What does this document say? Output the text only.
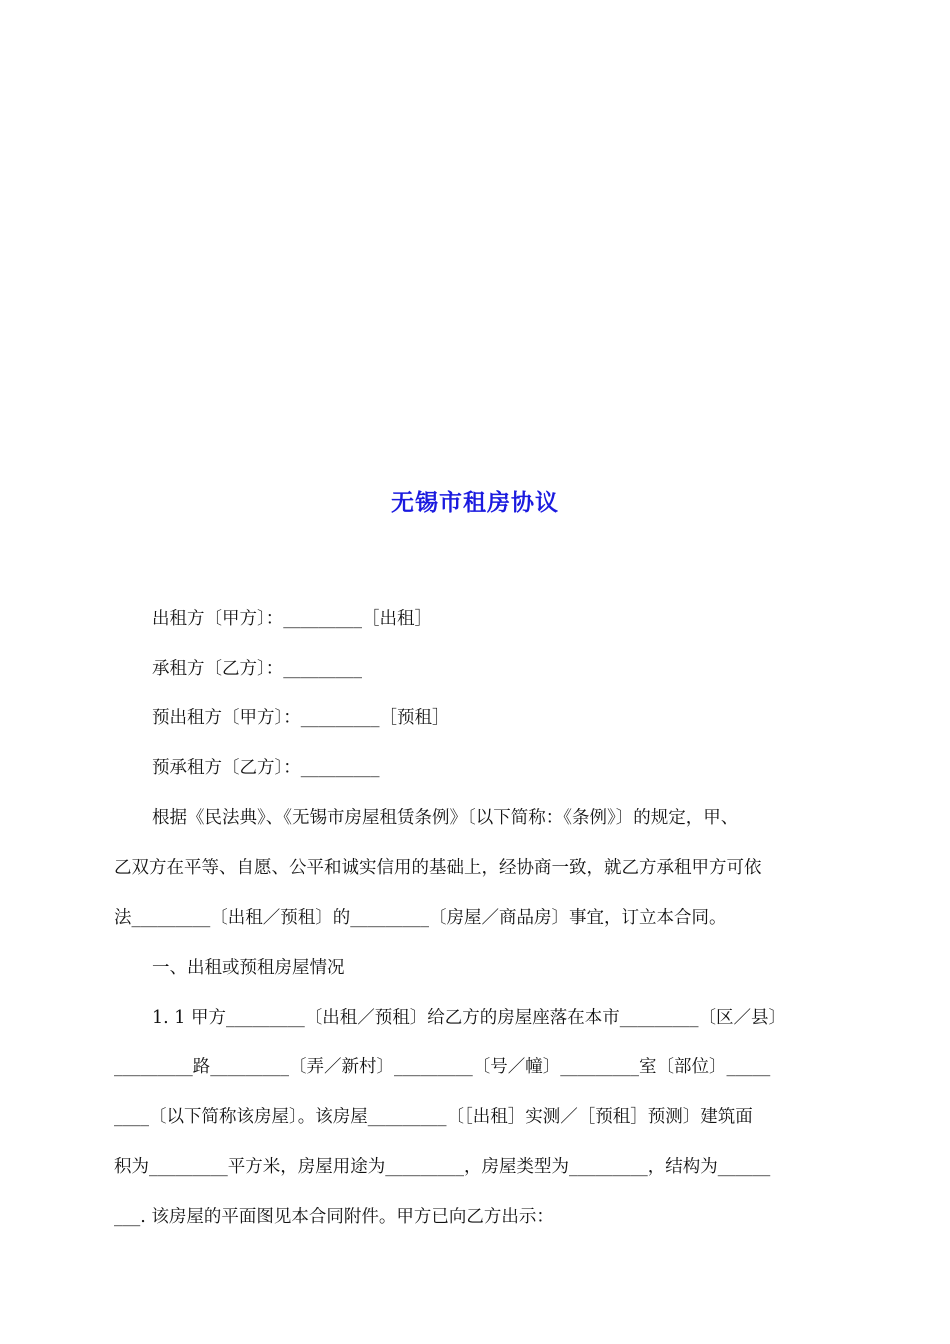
无锡市租房协议
出租方〔甲方〕：_________［出租］
承租方〔乙方〕：_________
预出租方〔甲方〕：_________［预租］
预承租方〔乙方〕：_________
根据《民法典》、《无锡市房屋租赁条例》〔以下简称：《条例》〕的规定，甲、
乙双方在平等、自愿、公平和诚实信用的基础上，经协商一致，就乙方承租甲方可依
法_________〔出租／预租〕的_________〔房屋／商品房〕事宜，订立本合同。
一、出租或预租房屋情况
1. 1 甲方_________〔出租／预租〕给乙方的房屋座落在本市_________〔区／县〕
_________路_________〔弄／新村〕_________〔号／幢〕_________室〔部位〕_____
____〔以下简称该房屋〕。该房屋_________〔［出租］实测／［预租］预测〕建筑面
积为_________平方米，房屋用途为_________，房屋类型为_________，结构为______
___. 该房屋的平面图见本合同附件。甲方已向乙方出示：
